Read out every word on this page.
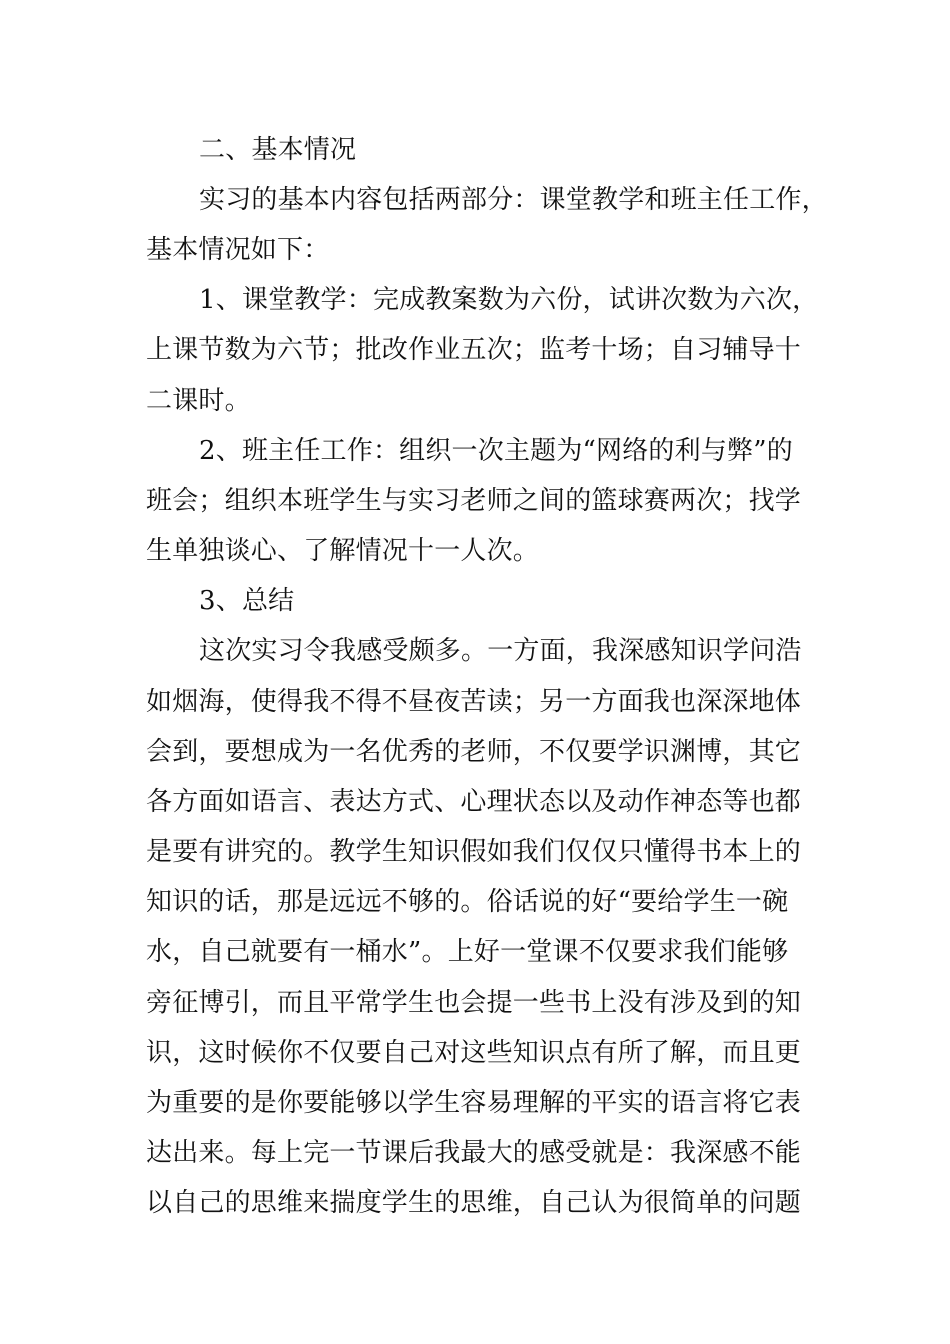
二、基本情况
实习的基本内容包括两部分：课堂教学和班主任工作，
基本情况如下：
1、课堂教学：完成教案数为六份，试讲次数为六次，
上课节数为六节；批改作业五次；监考十场；自习辅导十
二课时。
2、班主任工作：组织一次主题为“网络的利与弊”的
班会；组织本班学生与实习老师之间的篮球赛两次；找学
生单独谈心、了解情况十一人次。
3、总结
这次实习令我感受颇多。一方面，我深感知识学问浩
如烟海，使得我不得不昼夜苦读；另一方面我也深深地体
会到，要想成为一名优秀的老师，不仅要学识渊博，其它
各方面如语言、表达方式、心理状态以及动作神态等也都
是要有讲究的。教学生知识假如我们仅仅只懂得书本上的
知识的话，那是远远不够的。俗话说的好“要给学生一碗
水，自己就要有一桶水”。上好一堂课不仅要求我们能够
旁征博引，而且平常学生也会提一些书上没有涉及到的知
识，这时候你不仅要自己对这些知识点有所了解，而且更
为重要的是你要能够以学生容易理解的平实的语言将它表
达出来。每上完一节课后我最大的感受就是：我深感不能
以自己的思维来揣度学生的思维，自己认为很简单的问题
